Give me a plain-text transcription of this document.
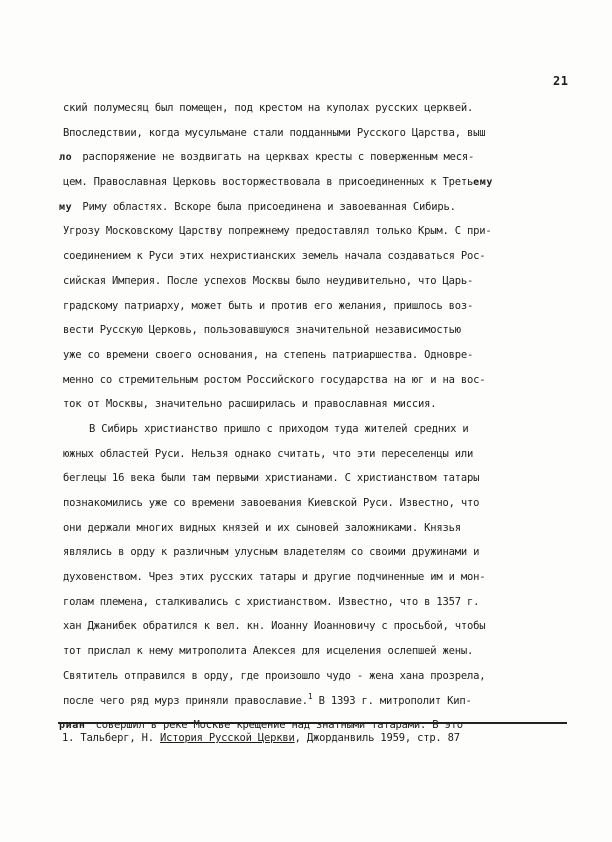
21
ский полумесяц был помещен, под крестом на куполах русских церквей.
Впоследствии, когда мусульмане стали подданными Русского Царства, выш
ло распоряжение не воздвигать на церквах кресты с поверженным меся-
цем. Православная Церковь восторжествовала в присоединенных к Третьему
му Риму областях. Вскоре была присоединена и завоеванная Сибирь.
Угрозу Московскому Царству попрежнему предоставлял только Крым. С при-
соединением к Руси этих нехристианских земель начала создаваться Рос-
сийская Империя. После успехов Москвы было неудивительно, что Царь-
градскому патриарху, может быть и против его желания, пришлось воз-
вести Русскую Церковь, пользовавшуюся значительной независимостью
уже со времени своего основания, на степень патриаршества. Одновре-
менно со стремительным ростом Российского государства на юг и на вос-
ток от Москвы, значительно расширилась и православная миссия.
В Сибирь христианство пришло с приходом туда жителей средних и
южных областей Руси. Нельзя однако считать, что эти переселенцы или
беглецы 16 века были там первыми христианами. С христианством татары
познакомились уже со времени завоевания Киевской Руси. Известно, что
они держали многих видных князей и их сыновей заложниками. Князья
являлись в орду к различным улусным владетелям со своими дружинами и
духовенством. Чрез этих русских татары и другие подчиненные им и мон-
голам племена, сталкивались с христианством. Известно, что в 1357 г.
хан Джанибек обратился к вел. кн. Иоанну Иоанновичу с просьбой, чтобы
тот прислал к нему митрополита Алексея для исцеления ослепшей жены.
Святитель отправился в орду, где произошло чудо - жена хана прозрела,
после чего ряд мурз приняли православие.$^1$ В 1393 г. митрополит Кип-
риан совершил в реке Москве крещение над знатными татарами. В это
1. Тальберг, Н. История Русской Церкви, Джорданвиль 1959, стр. 87
